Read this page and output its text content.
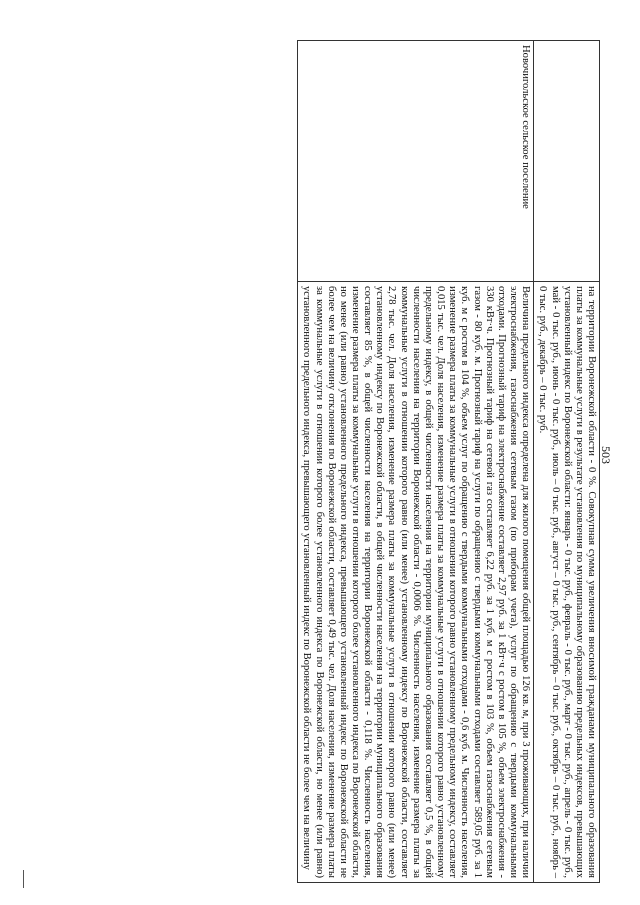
503
	на территории Воронежской области - 0 %. Совокупная сумма увеличения вносимой гражданами муниципального образования платы за коммунальные услуги в результате установления по муниципальному образованию предельных индексов, превышающих установленный индекс по Воронежской области: январь - 0 тыс. руб., февраль - 0 тыс. руб., март - 0 тыс. руб., апрель - 0 тыс. руб., май - 0 тыс. руб., июнь - 0 тыс. руб., июль – 0 тыс. руб., август – 0 тыс. руб., сентябрь – 0 тыс. руб., октябрь – 0 тыс. руб., ноябрь – 0 тыс. руб., декабрь – 0 тыс. руб.

Новочигольское сельское поселение	Величина предельного индекса определена для жилого помещения общей площадью 126 кв. м, при 3 проживающих, при наличии электроснабжения, газоснабжения сетевым газом (по приборам учета), услуг по обращению с твердыми коммунальными отходами. Прогнозный тариф на электроснабжение составляет 2,97 руб. за 1 кВт·ч с ростом в 105 %, объем электроснабжения - 330 кВт·ч. Прогнозный тариф на сетевой газ составляет 6,22 руб. за 1 куб. м с ростом в 103 %, объем газоснабжения сетевым газом - 80 куб. м. Прогнозный тариф на услуги по обращению с твердыми коммунальными отходами составляет 589,05 руб. за 1 куб. м с ростом в 104 %, объем услуг по обращению с твердыми коммунальными отходами - 0,6 куб. м. Численность населения, изменение размера платы за коммунальные услуги в отношении которого равно установленному предельному индексу, составляет 0,015 тыс. чел. Доля населения, изменение размера платы за коммунальные услуги в отношении которого равно установленному предельному индексу, в общей численности населения на территории муниципального образования составляет 0,5 %, в общей численности населения на территории Воронежской области - 0,0006 %. Численность населения, изменение размера платы за коммунальные услуги в отношении которого равно (или менее) установленному индексу по Воронежской области, составляет 2,78 тыс. чел. Доля населения, изменение размера платы за коммунальные услуги в отношении которого равно (или менее) установленному индексу по Воронежской области, в общей численности населения на территории муниципального образования составляет 85 %, в общей численности населения на территории Воронежской области - 0,118 %. Численность населения, изменение размера платы за коммунальные услуги в отношении которого более установленного индекса по Воронежской области, но менее (или равно) установленного предельного индекса, превышающего установленный индекс по Воронежской области не более чем на величину отклонения по Воронежской области, составляет 0,49 тыс. чел. Доля населения, изменение размера платы за коммунальные услуги в отношении которого более установленного индекса по Воронежской области, но менее (или равно) установленного предельного индекса, превышающего установленный индекс по Воронежской области не более чем на величину
